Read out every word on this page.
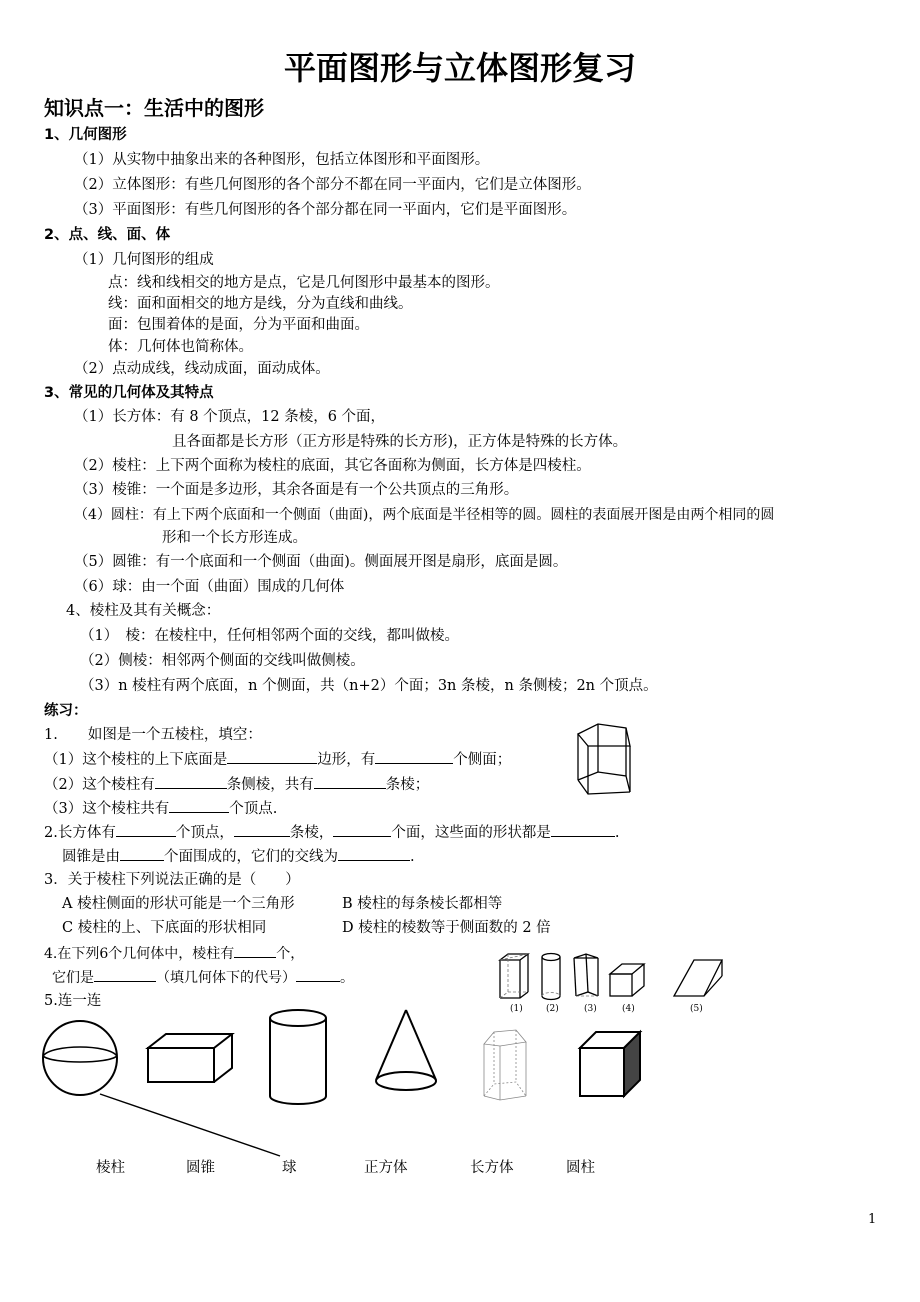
平面图形与立体图形复习
知识点一：生活中的图形
1、几何图形
（1）从实物中抽象出来的各种图形，包括立体图形和平面图形。
（2）立体图形：有些几何图形的各个部分不都在同一平面内，它们是立体图形。
（3）平面图形：有些几何图形的各个部分都在同一平面内，它们是平面图形。
2、点、线、面、体
（1）几何图形的组成
点：线和线相交的地方是点，它是几何图形中最基本的图形。
线：面和面相交的地方是线，分为直线和曲线。
面：包围着体的是面，分为平面和曲面。
体：几何体也简称体。
（2）点动成线，线动成面，面动成体。
3、常见的几何体及其特点
（1）长方体：有 8 个顶点，12 条棱，6 个面，
且各面都是长方形（正方形是特殊的长方形)，正方体是特殊的长方体。
（2）棱柱：上下两个面称为棱柱的底面，其它各面称为侧面，长方体是四棱柱。
（3）棱锥：一个面是多边形，其余各面是有一个公共顶点的三角形。
（4）圆柱：有上下两个底面和一个侧面（曲面)，两个底面是半径相等的圆。圆柱的表面展开图是由两个相同的圆
形和一个长方形连成。
（5）圆锥：有一个底面和一个侧面（曲面)。侧面展开图是扇形，底面是圆。
（6）球：由一个面（曲面）围成的几何体
4、棱柱及其有关概念：
（1）　棱：在棱柱中，任何相邻两个面的交线，都叫做棱。
（2）侧棱：相邻两个侧面的交线叫做侧棱。
（3）n 棱柱有两个底面，n 个侧面，共（n+2）个面；3n 条棱，n 条侧棱；2n 个顶点。
练习：
1. 如图是一个五棱柱，填空：
（1）这个棱柱的上下底面是	边形，有	个侧面；
（2）这个棱柱有	条侧棱，共有	条棱；
（3）这个棱柱共有	个顶点.
2.长方体有	个顶点，	条棱，	个面，这些面的形状都是	.
圆锥是由	个面围成的，它们的交线为	.
3．关于棱柱下列说法正确的是（　　）
A 棱柱侧面的形状可能是一个三角形	B 棱柱的每条棱长都相等
C 棱柱的上、下底面的形状相同	D 棱柱的棱数等于侧面数的 2 倍
4.在下列6个几何体中，棱柱有	个，
它们是	（填几何体下的代号）	。
(1)	(2)	(3)	(4)	(5)
5.连一连
棱柱	圆锥	球	正方体	长方体	圆柱
1
